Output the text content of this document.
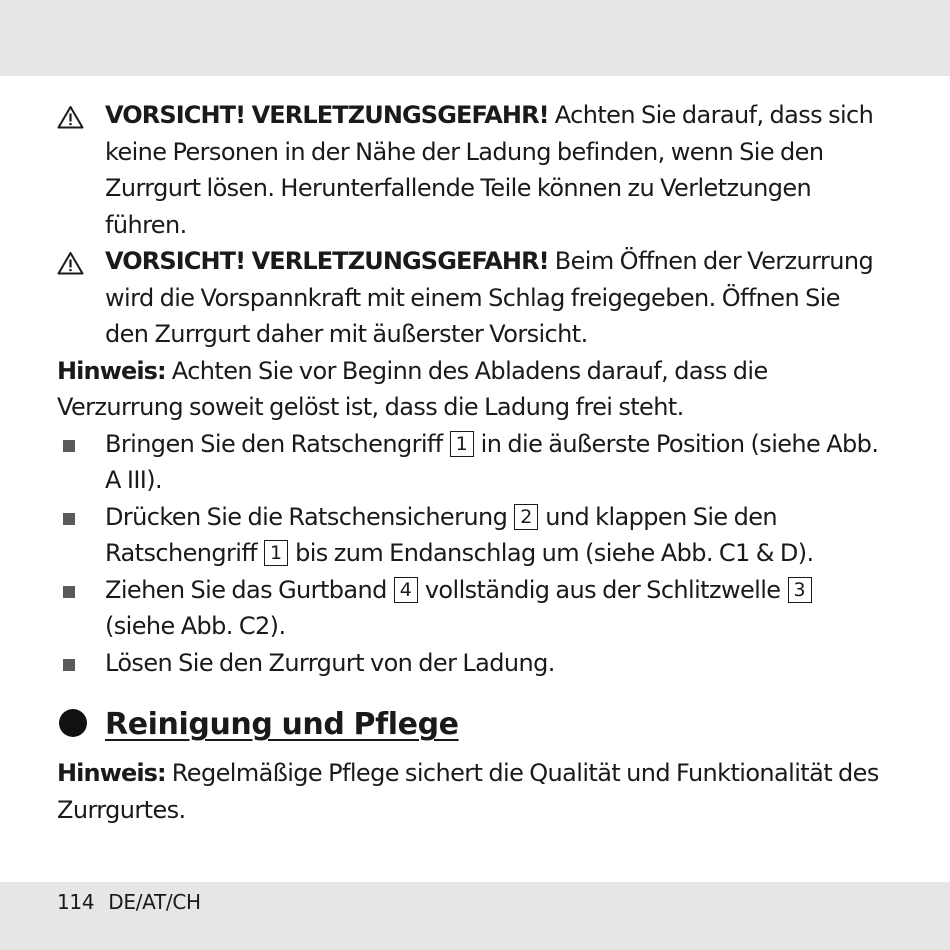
VORSICHT! VERLETZUNGSGEFAHR! Achten Sie darauf, dass sich keine Personen in der Nähe der Ladung befinden, wenn Sie den Zurrgurt lösen. Herunterfallende Teile können zu Verletzungen führen.

VORSICHT! VERLETZUNGSGEFAHR! Beim Öffnen der Verzurrung wird die Vorspannkraft mit einem Schlag freigegeben. Öffnen Sie den Zurrgurt daher mit äußerster Vorsicht.

Hinweis: Achten Sie vor Beginn des Abladens darauf, dass die Verzurrung soweit gelöst ist, dass die Ladung frei steht.

Bringen Sie den Ratschengriff 1 in die äußerste Position (siehe Abb. A III).

Drücken Sie die Ratschensicherung 2 und klappen Sie den Ratschengriff 1 bis zum Endanschlag um (siehe Abb. C1 & D).

Ziehen Sie das Gurtband 4 vollständig aus der Schlitzwelle 3 (siehe Abb. C2).

Lösen Sie den Zurrgurt von der Ladung.

Reinigung und Pflege

Hinweis: Regelmäßige Pflege sichert die Qualität und Funktionalität des Zurrgurtes.

114 DE/AT/CH
